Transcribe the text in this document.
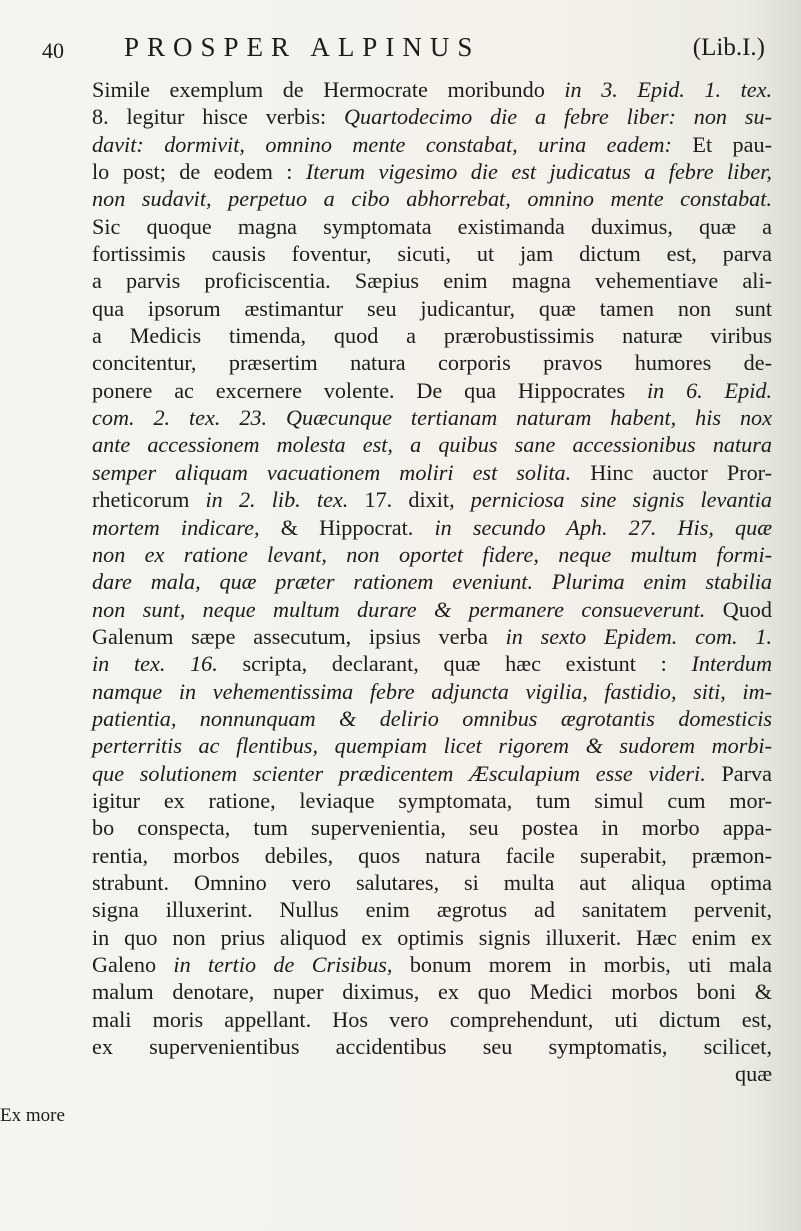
40 PROSPER ALPINUS	(Lib.I.)
Ex more
Simile exemplum de Hermocrate moribundo in 3. Epid. 1. tex.
8. legitur hisce verbis: Quartodecimo die a febre liber: non su-
davit: dormivit, omnino mente constabat, urina eadem: Et pau-
lo post; de eodem : Iterum vigesimo die est judicatus a febre liber,
non sudavit, perpetuo a cibo abhorrebat, omnino mente constabat.
Sic quoque magna symptomata existimanda duximus, quæ a
fortissimis causis foventur, sicuti, ut jam dictum est, parva
a parvis proficiscentia. Sæpius enim magna vehementiave ali-
qua ipsorum æstimantur seu judicantur, quæ tamen non sunt
a Medicis timenda, quod a prærobustissimis naturæ viribus
concitentur, præsertim natura corporis pravos humores de-
ponere ac excernere volente. De qua Hippocrates in 6. Epid.
com. 2. tex. 23. Quæcunque tertianam naturam habent, his nox
ante accessionem molesta est, a quibus sane accessionibus natura
semper aliquam vacuationem moliri est solita. Hinc auctor Pror-
rheticorum in 2. lib. tex. 17. dixit, perniciosa sine signis levantia
mortem indicare, & Hippocrat. in secundo Aph. 27. His, quæ
non ex ratione levant, non oportet fidere, neque multum formi-
dare mala, quæ præter rationem eveniunt. Plurima enim stabilia
non sunt, neque multum durare & permanere consueverunt. Quod
Galenum sæpe assecutum, ipsius verba in sexto Epidem. com. 1.
in tex. 16. scripta, declarant, quæ hæc existunt : Interdum
namque in vehementissima febre adjuncta vigilia, fastidio, siti, im-
patientia, nonnunquam & delirio omnibus ægrotantis domesticis
perterritis ac flentibus, quempiam licet rigorem & sudorem morbi-
que solutionem scienter prædicentem Æsculapium esse videri. Parva
igitur ex ratione, leviaque symptomata, tum simul cum mor-
bo conspecta, tum supervenientia, seu postea in morbo appa-
rentia, morbos debiles, quos natura facile superabit, præmon-
strabunt. Omnino vero salutares, si multa aut aliqua optima
signa illuxerint. Nullus enim ægrotus ad sanitatem pervenit,
in quo non prius aliquod ex optimis signis illuxerit. Hæc enim ex
Galeno in tertio de Crisibus, bonum morem in morbis, uti mala
malum denotare, nuper diximus, ex quo Medici morbos boni &
mali moris appellant. Hos vero comprehendunt, uti dictum est,
ex supervenientibus accidentibus seu symptomatis, scilicet,
quæ
